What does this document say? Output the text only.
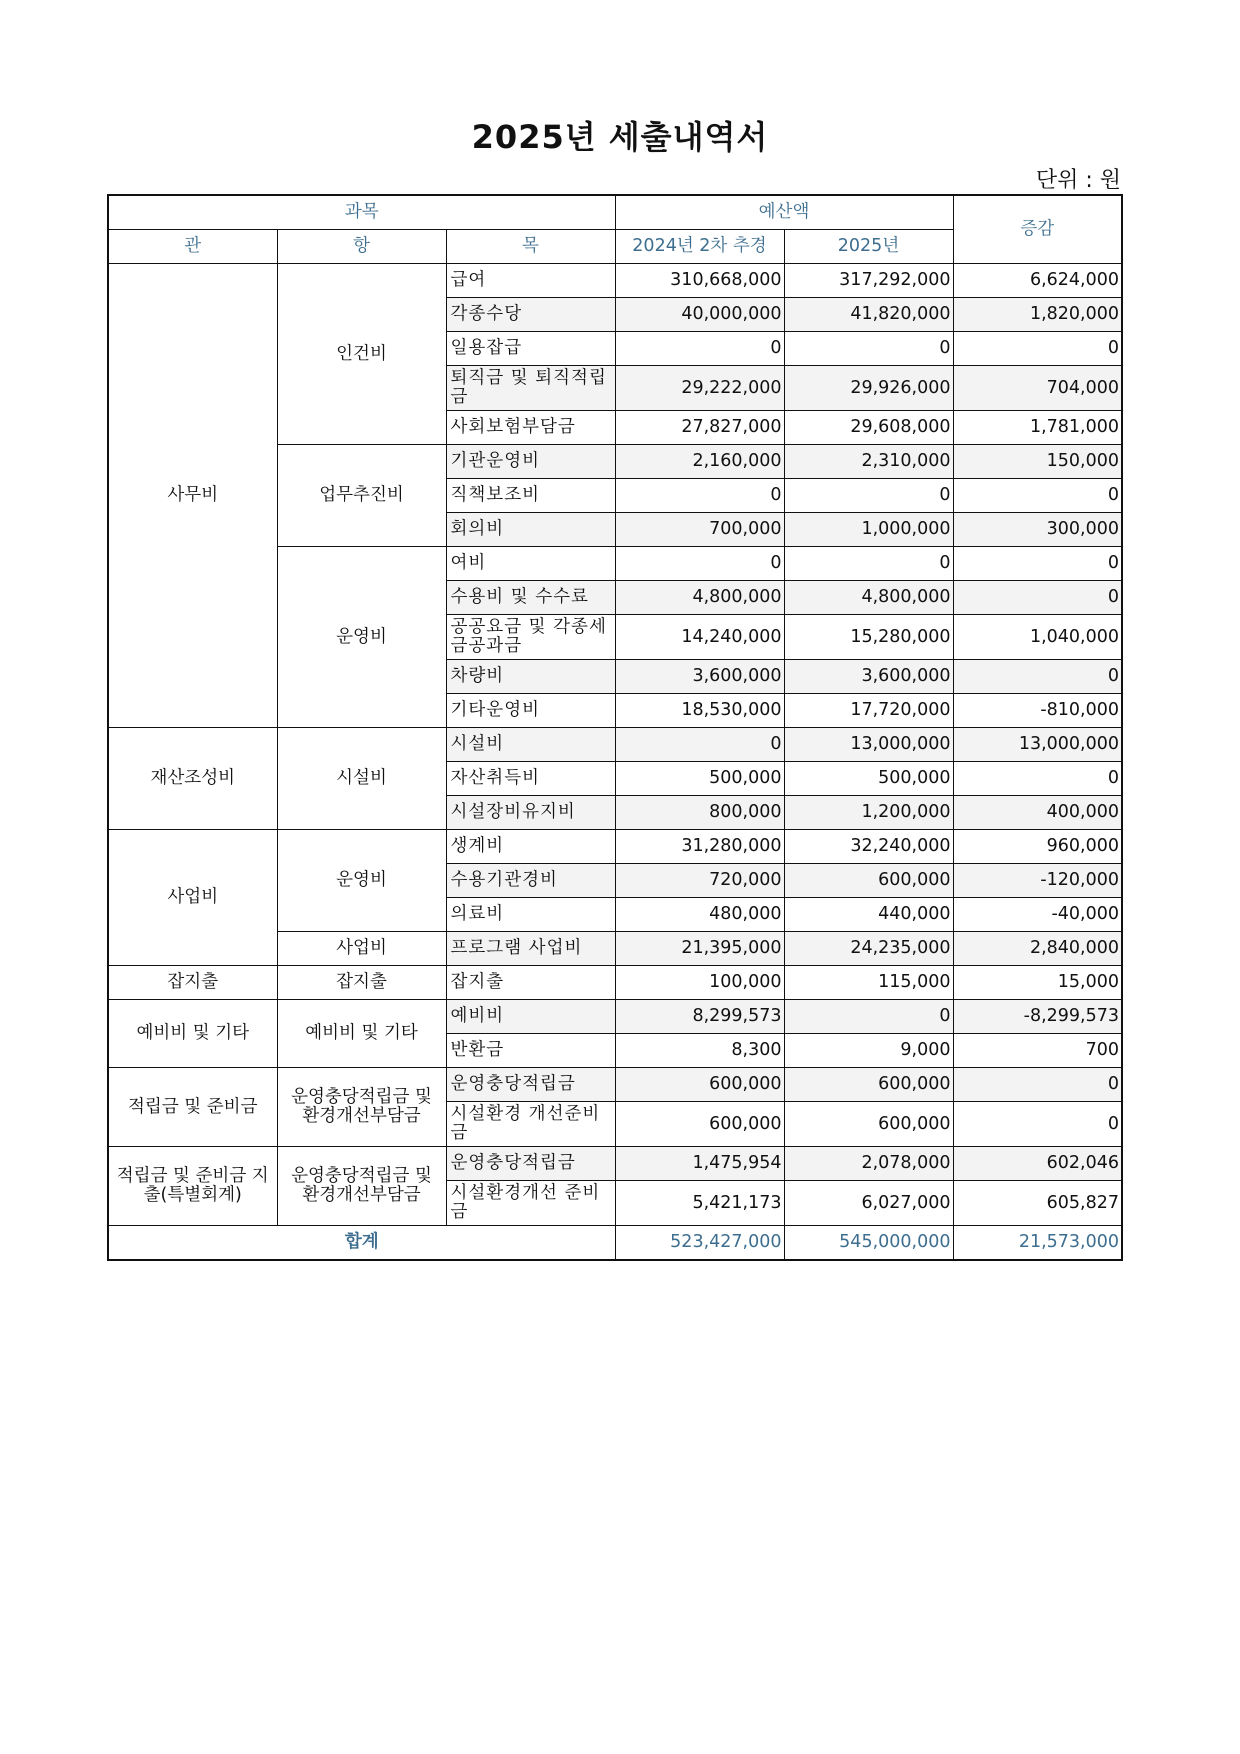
2025년 세출내역서

단위 : 원

과목			예산액		증감
관	항	목	2024년 2차 추경	2025년	
사무비	인건비	급여	310,668,000	317,292,000	6,624,000
		각종수당	40,000,000	41,820,000	1,820,000
		일용잡급	0	0	0
		퇴직금 및 퇴직적립금	29,222,000	29,926,000	704,000
		사회보험부담금	27,827,000	29,608,000	1,781,000
	업무추진비	기관운영비	2,160,000	2,310,000	150,000
		직책보조비	0	0	0
		회의비	700,000	1,000,000	300,000
	운영비	여비	0	0	0
		수용비 및 수수료	4,800,000	4,800,000	0
		공공요금 및 각종세금공과금	14,240,000	15,280,000	1,040,000
		차량비	3,600,000	3,600,000	0
		기타운영비	18,530,000	17,720,000	-810,000
재산조성비	시설비	시설비	0	13,000,000	13,000,000
		자산취득비	500,000	500,000	0
		시설장비유지비	800,000	1,200,000	400,000
사업비	운영비	생계비	31,280,000	32,240,000	960,000
		수용기관경비	720,000	600,000	-120,000
		의료비	480,000	440,000	-40,000
	사업비	프로그램 사업비	21,395,000	24,235,000	2,840,000
잡지출	잡지출	잡지출	100,000	115,000	15,000
예비비 및 기타	예비비 및 기타	예비비	8,299,573	0	-8,299,573
		반환금	8,300	9,000	700
적립금 및 준비금	운영충당적립금 및 환경개선부담금	운영충당적립금	600,000	600,000	0
		시설환경 개선준비금	600,000	600,000	0
적립금 및 준비금 지출(특별회계)	운영충당적립금 및 환경개선부담금	운영충당적립금	1,475,954	2,078,000	602,046
		시설환경개선 준비금	5,421,173	6,027,000	605,827
합계			523,427,000	545,000,000	21,573,000
